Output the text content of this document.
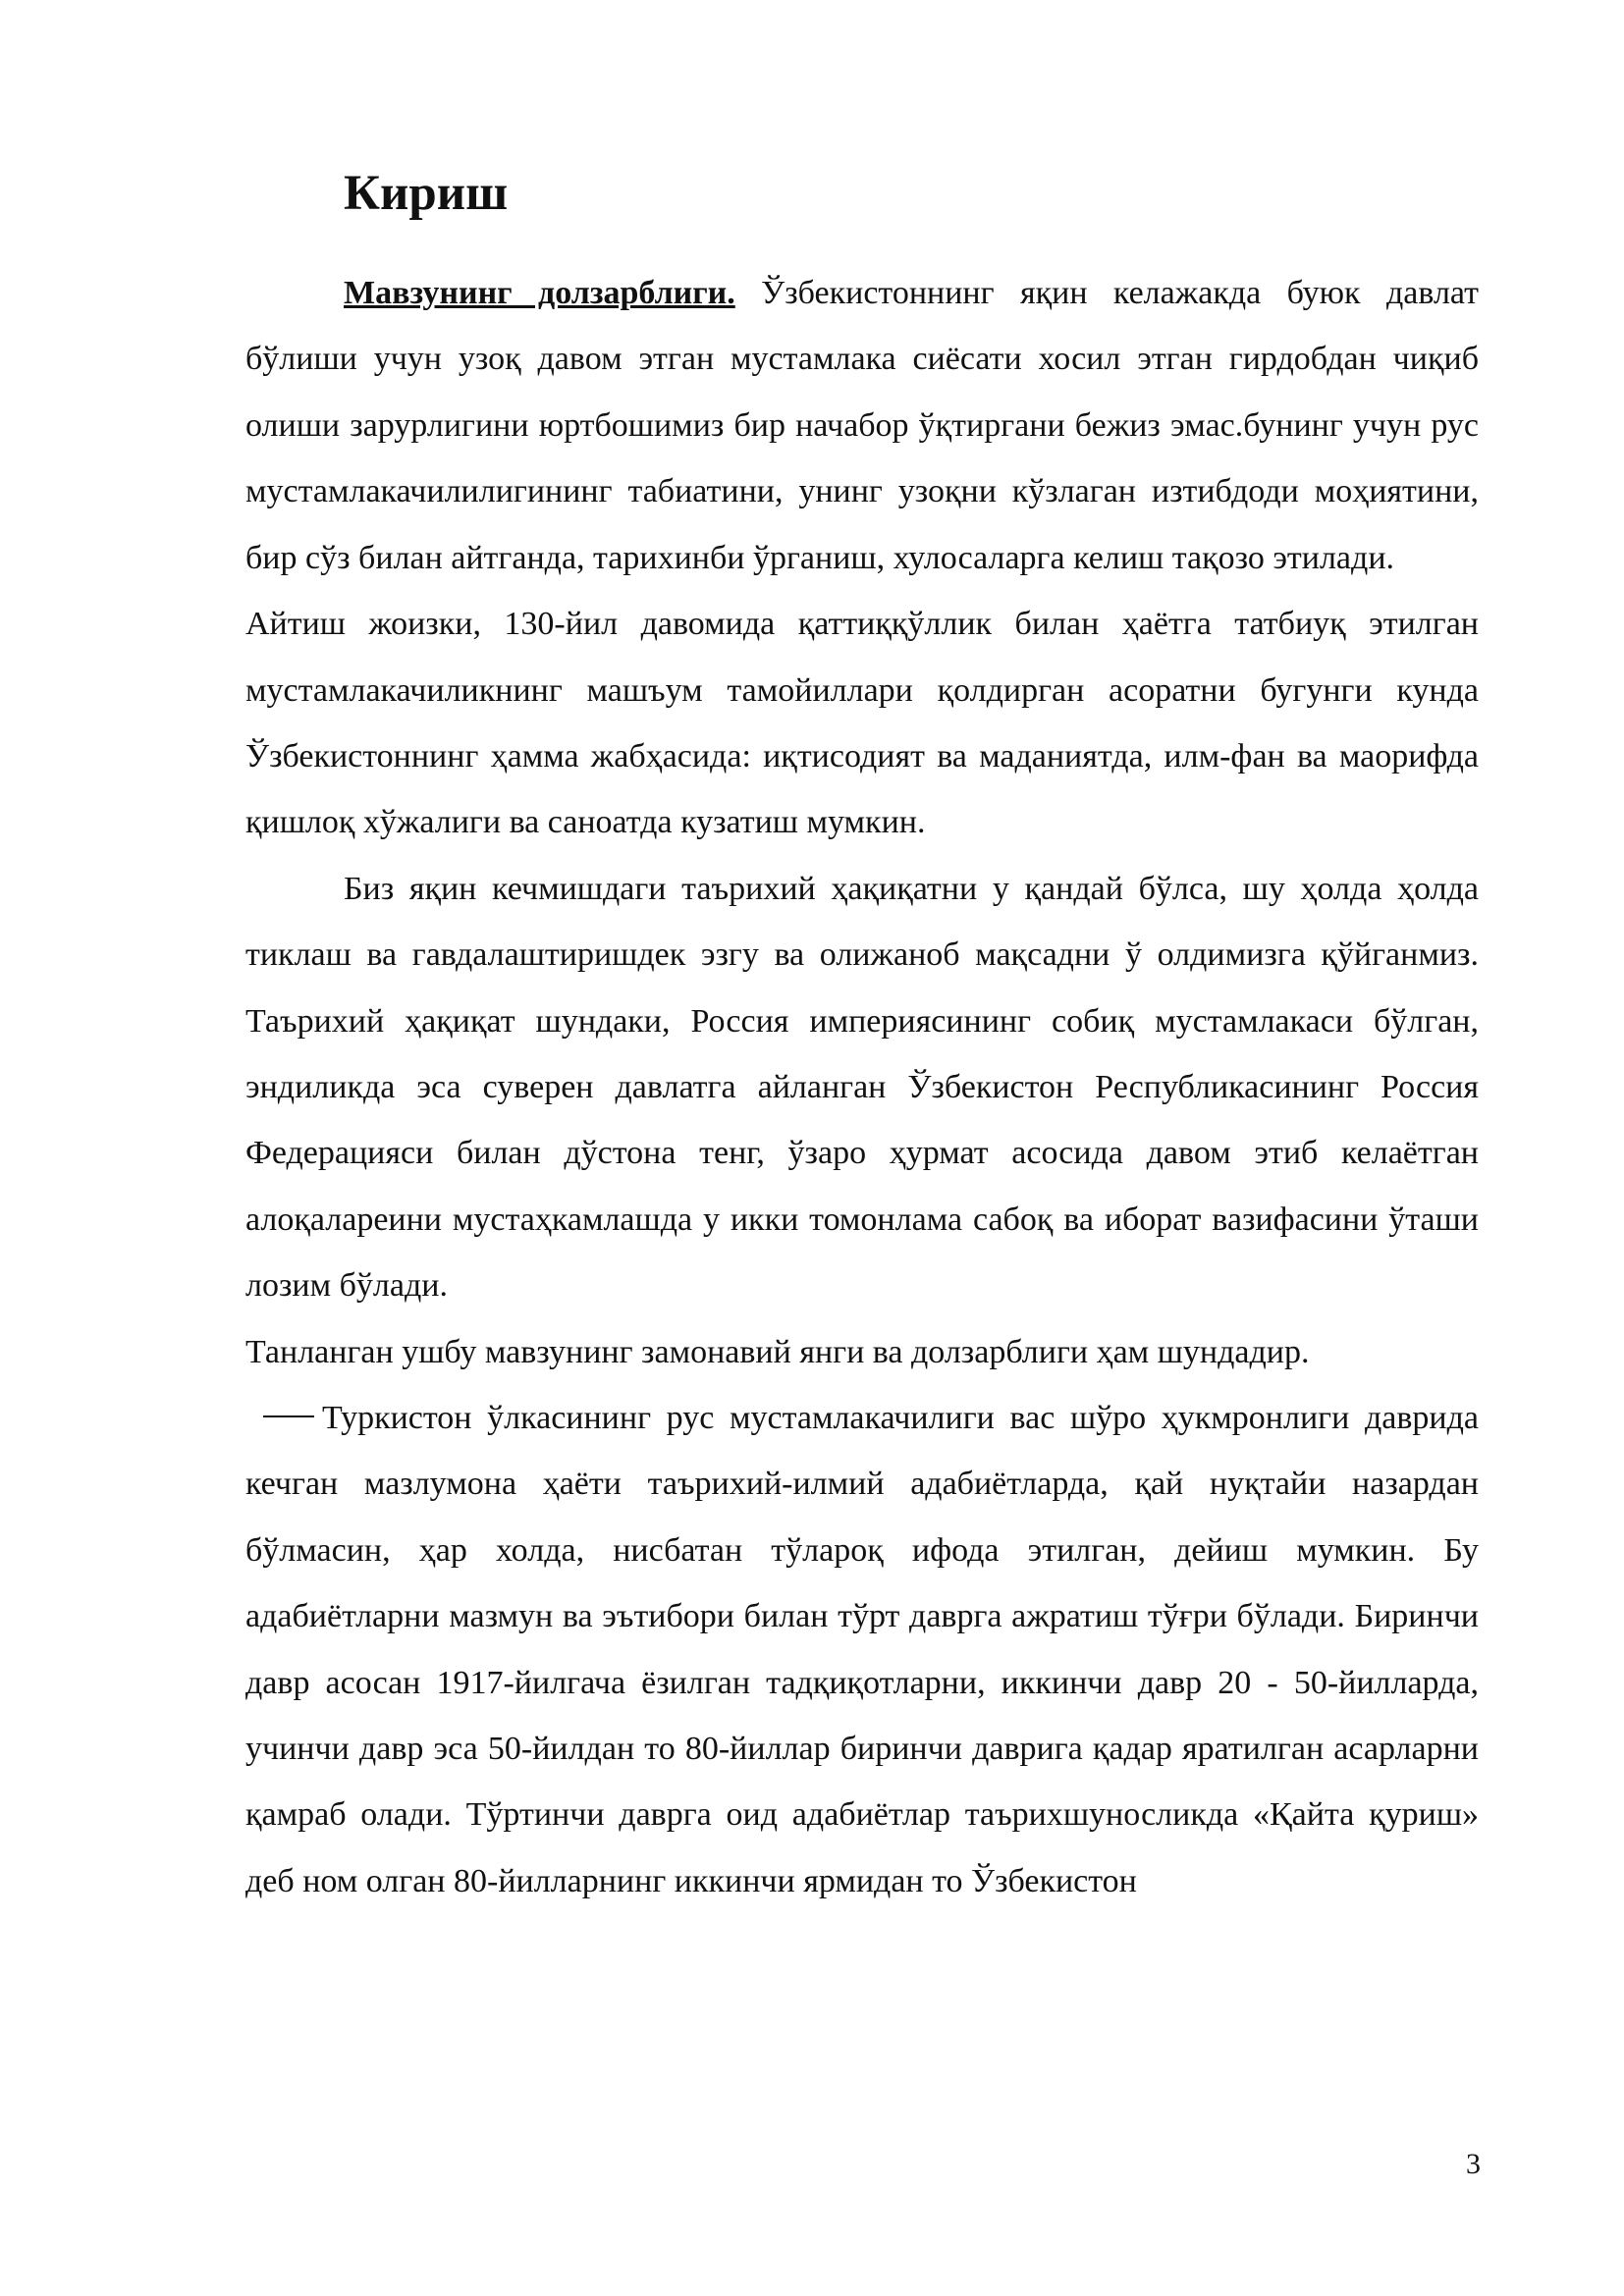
Кириш

Мавзунинг долзарблиги. Ўзбекистоннинг яқин келажакда буюк давлат бўлиши учун узоқ давом этган мустамлака сиёсати хосил этган гирдобдан чиқиб олиши зарурлигини юртбошимиз бир начабор ўқтиргани бежиз эмас.бунинг учун рус мустамлакачилилигининг табиатини, унинг узоқни кўзлаган изтибдоди моҳиятини, бир сўз билан айтганда, тарихинби ўрганиш, хулосаларга келиш тақозо этилади.

Айтиш жоизки, 130-йил давомида қаттиққўллик билан ҳаётга татбиуқ этилган мустамлакачиликнинг машъум тамойиллари қолдирган асоратни бугунги кунда Ўзбекистоннинг ҳамма жабҳасида: иқтисодият ва маданиятда, илм-фан ва маорифда қишлоқ хўжалиги ва саноатда кузатиш мумкин.

Биз яқин кечмишдаги таърихий ҳақиқатни у қандай бўлса, шу ҳолда ҳолда тиклаш ва гавдалаштиришдек эзгу ва олижаноб мақсадни ў олдимизга қўйганмиз. Таърихий ҳақиқат шундаки, Россия империясининг собиқ мустамлакаси бўлган, эндиликда эса суверен давлатга айланган Ўзбекистон Республикасининг Россия Федерацияси билан дўстона тенг, ўзаро ҳурмат асосида давом этиб келаётган алоқалареини мустаҳкамлашда у икки томонлама сабоқ ва иборат вазифасини ўташи лозим бўлади.

Танланган ушбу мавзунинг замонавий янги ва долзарблиги ҳам шундадир.

Туркистон ўлкасининг рус мустамлакачилиги вас шўро ҳукмронлиги даврида кечган мазлумона ҳаёти таърихий-илмий адабиётларда, қай нуқтайи назардан бўлмасин, ҳар холда, нисбатан тўлароқ ифода этилган, дейиш мумкин. Бу адабиётларни мазмун ва эътибори билан тўрт даврга ажратиш тўғри бўлади. Биринчи давр асосан 1917-йилгача ёзилган тадқиқотларни, иккинчи давр 20 - 50-йилларда, учинчи давр эса 50-йилдан то 80-йиллар биринчи даврига қадар яратилган асарларни қамраб олади. Тўртинчи даврга оид адабиётлар таърихшуносликда «Қайта қуриш» деб ном олган 80-йилларнинг иккинчи ярмидан то Ўзбекистон

3
